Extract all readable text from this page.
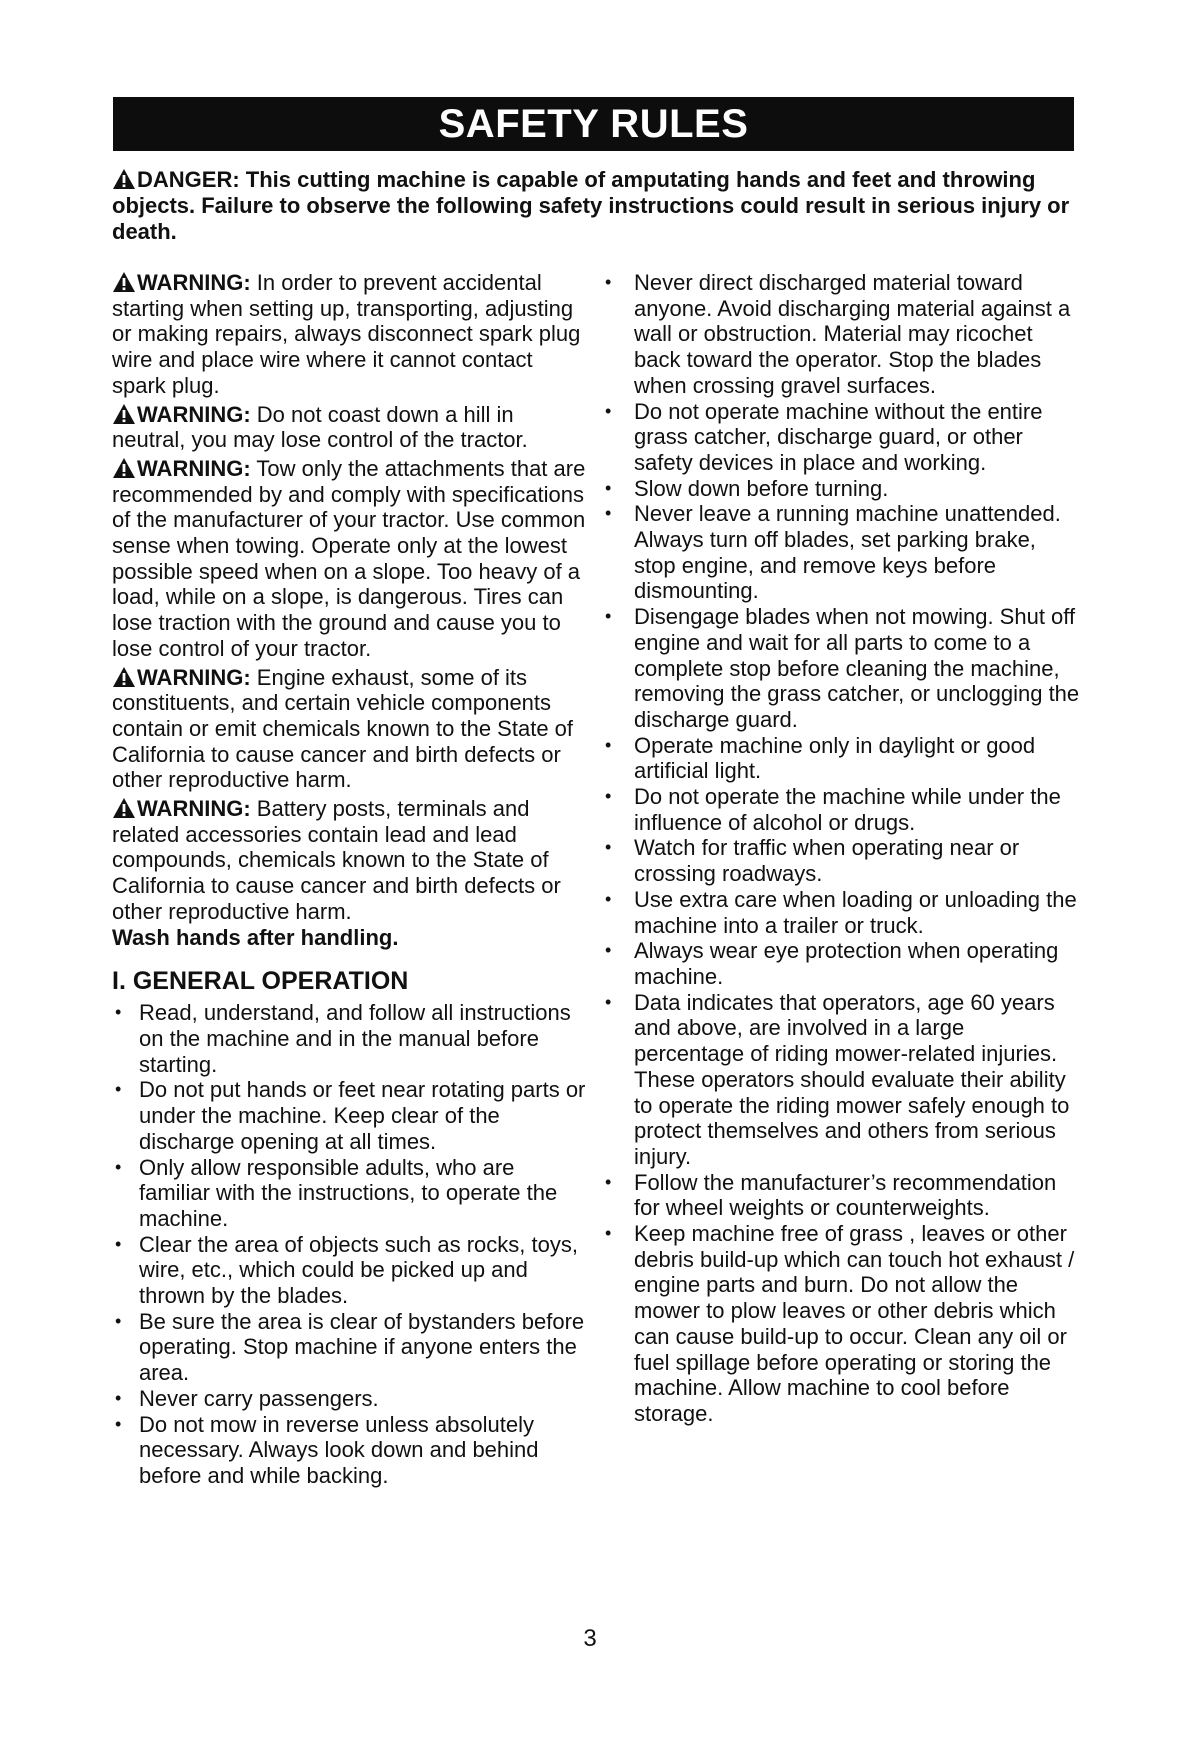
SAFETY RULES
DANGER: This cutting machine is capable of amputating hands and feet and throwing objects. Failure to observe the following safety instructions could result in serious injury or death.

WARNING: In order to prevent accidental starting when setting up, transporting, adjusting or making repairs, always disconnect spark plug wire and place wire where it cannot contact spark plug.

WARNING: Do not coast down a hill in neutral, you may lose control of the tractor.

WARNING: Tow only the attachments that are recommended by and comply with specifications of the manufacturer of your tractor. Use common sense when towing. Operate only at the lowest possible speed when on a slope. Too heavy of a load, while on a slope, is dangerous. Tires can lose traction with the ground and cause you to lose control of your tractor.

WARNING: Engine exhaust, some of its constituents, and certain vehicle components contain or emit chemicals known to the State of California to cause cancer and birth defects or other reproductive harm.

WARNING: Battery posts, terminals and related accessories contain lead and lead compounds, chemicals known to the State of California to cause cancer and birth defects or other reproductive harm.
Wash hands after handling.

I. GENERAL OPERATION
• Read, understand, and follow all instructions on the machine and in the manual before starting.
• Do not put hands or feet near rotating parts or under the machine. Keep clear of the discharge opening at all times.
• Only allow responsible adults, who are familiar with the instructions, to operate the machine.
• Clear the area of objects such as rocks, toys, wire, etc., which could be picked up and thrown by the blades.
• Be sure the area is clear of bystanders before operating. Stop machine if anyone enters the area.
• Never carry passengers.
• Do not mow in reverse unless absolutely necessary. Always look down and behind before and while backing.
• Never direct discharged material toward anyone. Avoid discharging material against a wall or obstruction. Material may ricochet back toward the operator. Stop the blades when crossing gravel surfaces.
• Do not operate machine without the entire grass catcher, discharge guard, or other safety devices in place and working.
• Slow down before turning.
• Never leave a running machine unattended. Always turn off blades, set parking brake, stop engine, and remove keys before dismounting.
• Disengage blades when not mowing. Shut off engine and wait for all parts to come to a complete stop before cleaning the machine, removing the grass catcher, or unclogging the discharge guard.
• Operate machine only in daylight or good artificial light.
• Do not operate the machine while under the influence of alcohol or drugs.
• Watch for traffic when operating near or crossing roadways.
• Use extra care when loading or unloading the machine into a trailer or truck.
• Always wear eye protection when operating machine.
• Data indicates that operators, age 60 years and above, are involved in a large percentage of riding mower-related injuries. These operators should evaluate their ability to operate the riding mower safely enough to protect themselves and others from serious injury.
• Follow the manufacturer’s recommendation for wheel weights or counterweights.
• Keep machine free of grass , leaves or other debris build-up which can touch hot exhaust / engine parts and burn. Do not allow the mower to plow leaves or other debris which can cause build-up to occur. Clean any oil or fuel spillage before operating or storing the machine. Allow machine to cool before storage.
3
